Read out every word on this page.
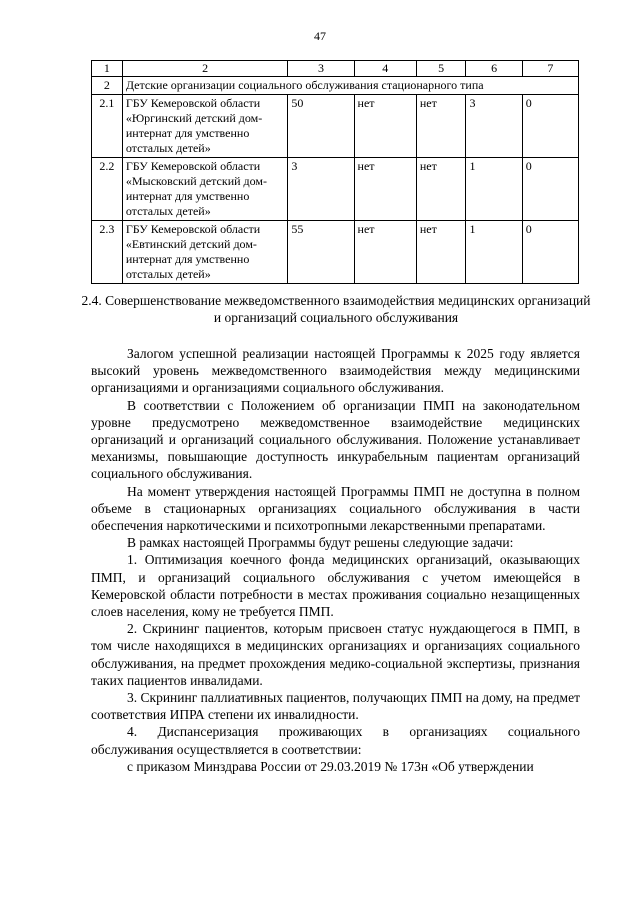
47
1	2	3	4	5	6	7
2	Детские организации социального обслуживания стационарного типа					
2.1	ГБУ Кемеровской области «Юргинский детский дом-интернат для умственно отсталых детей»	50	нет	нет	3	0
2.2	ГБУ Кемеровской области «Мысковский детский дом-интернат для умственно отсталых детей»	3	нет	нет	1	0
2.3	ГБУ Кемеровской области «Евтинский детский дом-интернат для умственно отсталых детей»	55	нет	нет	1	0
2.4. Совершенствование межведомственного взаимодействия медицинских организаций и организаций социального обслуживания

Залогом успешной реализации настоящей Программы к 2025 году является высокий уровень межведомственного взаимодействия между медицинскими организациями и организациями социального обслуживания.

В соответствии с Положением об организации ПМП на законодательном уровне предусмотрено межведомственное взаимодействие медицинских организаций и организаций социального обслуживания. Положение устанавливает механизмы, повышающие доступность инкурабельным пациентам организаций социального обслуживания.

На момент утверждения настоящей Программы ПМП не доступна в полном объеме в стационарных организациях социального обслуживания в части обеспечения наркотическими и психотропными лекарственными препаратами.

В рамках настоящей Программы будут решены следующие задачи:

1. Оптимизация коечного фонда медицинских организаций, оказывающих ПМП, и организаций социального обслуживания с учетом имеющейся в Кемеровской области потребности в местах проживания социально незащищенных слоев населения, кому не требуется ПМП.

2. Скрининг пациентов, которым присвоен статус нуждающегося в ПМП, в том числе находящихся в медицинских организациях и организациях социального обслуживания, на предмет прохождения медико-социальной экспертизы, признания таких пациентов инвалидами.

3. Скрининг паллиативных пациентов, получающих ПМП на дому, на предмет соответствия ИПРА степени их инвалидности.

4. Диспансеризация проживающих в организациях социального обслуживания осуществляется в соответствии:

с приказом Минздрава России от 29.03.2019 № 173н «Об утверждении
